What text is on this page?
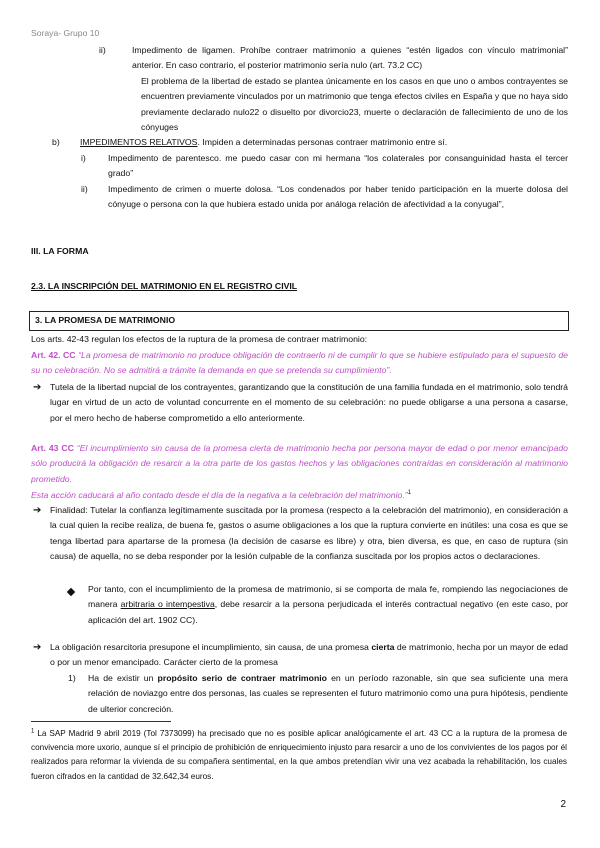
Soraya- Grupo 10
ii)	Impedimento de ligamen. Prohíbe contraer matrimonio a quienes “estén ligados con vínculo matrimonial” anterior. En caso contrario, el posterior matrimonio sería nulo (art. 73.2 CC)
El problema de la libertad de estado se plantea únicamente en los casos en que uno o ambos contrayentes se encuentren previamente vinculados por un matrimonio que tenga efectos civiles en España y que no haya sido previamente declarado nulo22 o disuelto por divorcio23, muerte o declaración de fallecimiento de uno de los cónyuges
b) IMPEDIMENTOS RELATIVOS. Impiden a determinadas personas contraer matrimonio entre sí.
i)	Impedimento de parentesco. me puedo casar con mi hermana “los colaterales por consanguinidad hasta el tercer grado”
ii) Impedimento de crimen o muerte dolosa. “Los condenados por haber tenido participación en la muerte dolosa del cónyuge o persona con la que hubiera estado unida por análoga relación de afectividad a la conyugal”,
III. LA FORMA
2.3. LA INSCRIPCIÓN DEL MATRIMONIO EN EL REGISTRO CIVIL
3. LA PROMESA DE MATRIMONIO
Los arts. 42-43 regulan los efectos de la ruptura de la promesa de contraer matrimonio:
Art. 42. CC “La promesa de matrimonio no produce obligación de contraerlo ni de cumplir lo que se hubiere estipulado para el supuesto de su no celebración. No se admitirá a trámite la demanda en que se pretenda su cumplimiento”.
➔ Tutela de la libertad nupcial de los contrayentes, garantizando que la constitución de una familia fundada en el matrimonio, solo tendrá lugar en virtud de un acto de voluntad concurrente en el momento de su celebración: no puede obligarse a una persona a casarse, por el mero hecho de haberse comprometido a ello anteriormente.
Art. 43 CC “El incumplimiento sin causa de la promesa cierta de matrimonio hecha por persona mayor de edad o por menor emancipado sólo producirá la obligación de resarcir a la otra parte de los gastos hechos y las obligaciones contraídas en consideración al matrimonio prometido.
Esta acción caducará al año contado desde el día de la negativa a la celebración del matrimonio.”$^1$
➔ Finalidad: Tutelar la confianza legítimamente suscitada por la promesa (respecto a la celebración del matrimonio), en consideración a la cual quien la recibe realiza, de buena fe, gastos o asume obligaciones a los que la ruptura convierte en inútiles: una cosa es que se tenga libertad para apartarse de la promesa (la decisión de casarse es libre) y otra, bien diversa, es que, en caso de ruptura (sin causa) de aquella, no se deba responder por la lesión culpable de la confianza suscitada por los propios actos o declaraciones.
Por tanto, con el incumplimiento de la promesa de matrimonio, si se comporta de mala fe, rompiendo las negociaciones de manera arbitraria o intempestiva, debe resarcir a la persona perjudicada el interés contractual negativo (en este caso, por aplicación del art. 1902 CC).
➔ La obligación resarcitoria presupone el incumplimiento, sin causa, de una promesa cierta de matrimonio, hecha por un mayor de edad o por un menor emancipado. Carácter cierto de la promesa
1) Ha de existir un propósito serio de contraer matrimonio en un período razonable, sin que sea suficiente una mera relación de noviazgo entre dos personas, las cuales se representen el futuro matrimonio como una pura hipótesis, pendiente de ulterior concreción.
$^1$ La SAP Madrid 9 abril 2019 (Tol 7373099) ha precisado que no es posible aplicar analógicamente el art. 43 CC a la ruptura de la promesa de convivencia more uxorio, aunque sí el principio de prohibición de enriquecimiento injusto para resarcir a uno de los convivientes de los pagos por él realizados para reformar la vivienda de su compañera sentimental, en la que ambos pretendían vivir una vez acabada la rehabilitación, los cuales fueron cifrados en la cantidad de 32.642,34 euros.
2
